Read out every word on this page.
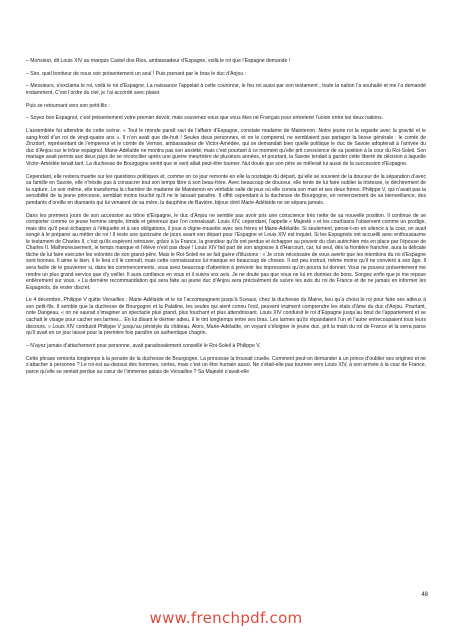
– Monsieur, dit Louis XIV au marquis Castel dos Rios, ambassadeur d’Espagne, voilà le roi que l’Espagne demande !

– Sire, quel bonheur de nous voir présentement un seul ! Puis prenant par le bras le duc d’Anjou :

– Messieurs, s’exclama le roi, voilà le roi d’Espagne. La naissance l’appelait à cette couronne, le feu roi aussi par son testament ; toute la nation l’a souhaité et me l’a demandé instamment. C’est l’ordre du ciel, je l’ai accordé avec plaisir.

Puis se retournant vers son petit-fils :

– Soyez bon Espagnol, c’est présentement votre premier devoir, mais souvenez-vous que vous êtes né Français pour entretenir l’union entre les deux nations.

L’assemblée fut attendrie de cette scène. « Tout le monde paraît ravi de l’affaire d’Espagne, constate madame de Maintenon. Notre jeune roi la regarde avec la gravité et le sang-froid d’un roi de vingt-quatre ans ». Il n’en avait que dix-huit ! Seules deux personnes, et on le comprend, ne semblaient pas partager la liesse générale : le comte de Zinzdorf, représentant de l’empereur et le comte de Vernon, ambassadeur de Victor-Amédée, qui se demandait bien quelle politique le duc de Savoie adopterait à l’arrivée du duc d’Anjou sur le trône espagnol. Marie-Adélaïde ne montra pas son anxiété, mais c’est pourtant à ce moment qu’elle prit conscience de sa position à la cour du Roi-Soleil. Son mariage avait permis aux deux pays de se réconcilier après une guerre meurtrière de plusieurs années, et pourtant, la Savoie tendait à garder cette liberté de décision à laquelle Victor-Amédée tenait tant. La duchesse de Bourgogne sentit que le vent allait peut-être tourner. Nul doute que son père se mêlerait lui aussi de la succession d’Espagne.

Cependant, elle restera muette sur les questions politiques et, comme on ce jour remonte en elle la nostalgie du départ, qu’elle se souvient de la douceur de la séparation d’avec sa famille en Savoie, elle n’hésite pas à consacrer tout son temps libre à son beau-frère. Avec beaucoup de douceur, elle tente de lui faire oublier la tristesse, le déchirement de la rupture. Le soir même, elle transforma la chambre de madame de Maintenon en véritable salle de jeux où elle convia son mari et ses deux frères. Philippe V, qui n’avait pas la sensibilité de la jeune princesse, semblait moins touché qu’il ne le laissait paraître. Il offrit cependant à la duchesse de Bourgogne, en remerciement de sa bienveillance, des pendants d’oreille en diamants qui lui venaient de sa mère, la dauphine de Bavière, bijoux dont Marie-Adélaïde ne se sépara jamais.

Dans les premiers jours de son accession au trône d’Espagne, le duc d’Anjou ne semble pas avoir pris une conscience très nette de sa nouvelle position. Il continue de se comporter comme ce jeune homme simple, timide et généreux que l’on connaissait. Louis XIV, cependant, l’appelle « Majesté » et les courtisans l’observent comme un prodige, mais dès qu’il peut échapper à l’étiquette et à ses obligations, il joue à cligne-musette avec ses frères et Marie-Adélaïde. Si seulement, pense-t-on en silence à la cour, on avait songé à le préparer au métier de roi ! Il reste une quinzaine de jours avant son départ pour l’Espagne et Louis XIV est inquiet. Si les Espagnols ont accueilli avec enthousiasme le testament de Charles II, c’est qu’ils espèrent retrouver, grâce à la France, la grandeur qu’ils ont perdue et échapper au pouvoir du clan autrichien mis en place par l’épouse de Charles II. Malheureusement, le temps manque et l’élève n’est pas doué ! Louis XIV fait part de son angoisse à d’Harcourt, car, lui seul, dès la frontière franchie, aura la délicate tâche de lui faire exécuter les volontés de son grand-père. Mais le Roi-Soleil ne se fait guère d’illusions : « Je crois nécessaire de vous avertir que les intentions du roi d’Espagne sont bonnes. Il aime le bien, il le fera s’il le connaît, mais cette connaissance lui manque en beaucoup de choses. Il est peu instruit, même moins qu’il ne convient à son âge. Il sera facile de le gouverner si, dans les commencements, vous avez beaucoup d’attention à prévenir les impressions qu’on pourra lui donner. Vous ne pouvez présentement me rendre un plus grand service que d’y veiller. Il aura confiance en vous et il suivra vos avis. Je ne doute pas que vous ne lui en donniez de bons. Songez enfin que je me repose entièrement sur vous. » La dernière recommandation qui sera faite au jeune duc d’Anjou sera précisément de suivre les avis du roi de France et de ne jamais en informer les Espagnols, de rester discret.

Le 4 décembre, Philippe V quitte Versailles ; Marie-Adélaïde et le roi l’accompagnent jusqu’à Sceaux, chez la duchesse du Maine, lieu qu’a choisi le roi pour faire ses adieux à son petit-fils. Il semble que la duchesse de Bourgogne et la Palatine, les seules qui aient connu l’exil, peuvent vraiment comprendre les états d’âme du duc d’Anjou. Pourtant, note Dangeau, « on ne saurait s’imaginer un spectacle plus grand, plus touchant et plus attendrissant. Louis XIV conduisit le roi d’Espagne jusqu’au bout de l’appartement et se cachait le visage pour cacher ses larmes... En lui disant le dernier adieu, il le tint longtemps entre ses bras. Les larmes qu’ils répandaient l’un et l’autre entrecoupaient tous leurs discours. » Louis XIV conduisit Philippe V jusqu’au péristyle du château. Alors, Marie-Adélaïde, en voyant s’éloigner le jeune duc, prit la main du roi de France et la serra parce qu’il avait en ce jour laissé pour la première fois paraître un authentique chagrin.

– N’ayez jamais d’attachement pour personne, avait paradoxalement conseillé le Roi-Soleil à Philippe V.

Cette phrase remonta longtemps à la pensée de la duchesse de Bourgogne. La princesse la trouvait cruelle. Comment peut-on demander à un prince d’oublier ses origines et ne s’attacher à personne ? Le roi est au-dessus des hommes, certes, mais c’est un être humain aussi. Ne s’était-elle pas tournée vers Louis XIV, à son arrivée à la cour de France, parce qu’elle se sentait perdue au cœur de l’immense palais de Versailles ? Sa Majesté n’avait-elle

48
www.frenchpdf.com
